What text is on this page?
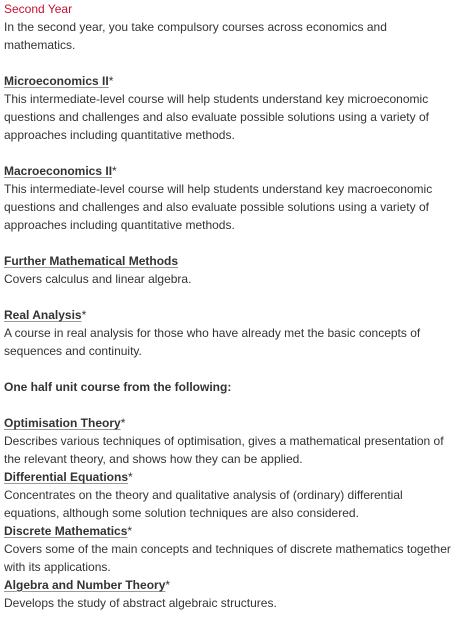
Second Year

In the second year, you take compulsory courses across economics and mathematics.

Microeconomics II*

This intermediate-level course will help students understand key microeconomic questions and challenges and also evaluate possible solutions using a variety of approaches including quantitative methods.

Macroeconomics II*

This intermediate-level course will help students understand key macroeconomic questions and challenges and also evaluate possible solutions using a variety of approaches including quantitative methods.

Further Mathematical Methods

Covers calculus and linear algebra.

Real Analysis*

A course in real analysis for those who have already met the basic concepts of sequences and continuity.

One half unit course from the following:
Optimisation Theory*

Describes various techniques of optimisation, gives a mathematical presentation of the relevant theory, and shows how they can be applied.

Differential Equations*

Concentrates on the theory and qualitative analysis of (ordinary) differential equations, although some solution techniques are also considered.

Discrete Mathematics*

Covers some of the main concepts and techniques of discrete mathematics together with its applications.

Algebra and Number Theory*

Develops the study of abstract algebraic structures.
